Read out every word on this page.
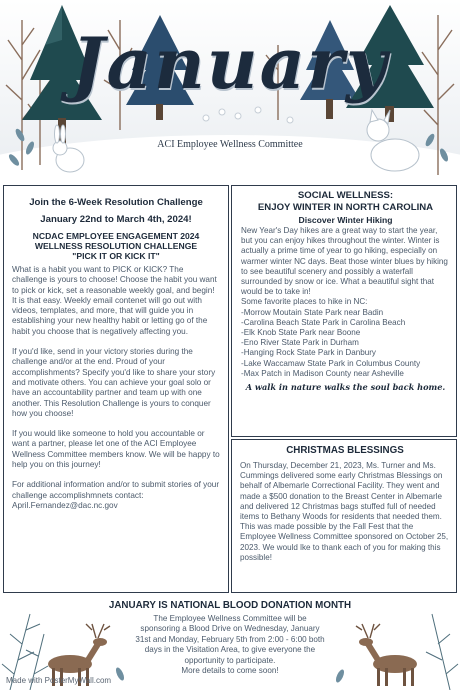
January
ACI Employee Wellness Committee
Join the 6-Week Resolution Challenge
January 22nd to March 4th, 2024!
NCDAC EMPLOYEE ENGAGEMENT 2024
WELLNESS RESOLUTION CHALLENGE
"PICK IT OR KICK IT"

What is a habit you want to PICK or KICK? The challenge is yours to choose! Choose the habit you want to pick or kick, set a reasonable weekly goal, and begin! It is that easy. Weekly email contenet will go out with videos, templates, and more, that will guide you in establishing your new healthy habit or letting go of the habit you choose that is negatively affecting you.

If you'd like, send in your victory stories during the challenge and/or at the end. Proud of your accomplishments? Specify you'd like to share your story and motivate others. You can achieve your goal solo or have an accountability partner and team up with one another. This Resolution Challenge is yours to conquer how you choose!

If you would like someone to hold you accountable or want a partner, please let one of the ACI Employee Wellness Committee members know. We will be happy to help you on this journey!

For additional information and/or to submit stories of your challenge accomplishmnets contact: April.Fernandez@dac.nc.gov

SOCIAL WELLNESS:
ENJOY WINTER IN NORTH CAROLINA
Discover Winter Hiking

New Year's Day hikes are a great way to start the year, but you can enjoy hikes throughout the winter. Winter is actually a prime time of year to go hiking, especially on warmer winter NC days. Beat those winter blues by hiking to see beautiful scenery and possibly a waterfall surrounded by snow or ice. What a beautiful sight that would be to take in!

Some favorite places to hike in NC:
-Morrow Moutain State Park near Badin
-Carolina Beach State Park in Carolina Beach
-Elk Knob State Park near Boone
-Eno River State Park in Durham
-Hanging Rock State Park in Danbury
-Lake Waccamaw State Park in Columbus County
-Max Patch in Madison County near Asheville
A walk in nature walks the soul back home.
CHRISTMAS BLESSINGS

On Thursday, December 21, 2023, Ms. Turner and Ms. Cummings delivered some early Christmas Blessings on behalf of Albemarle Correctional Facility. They went and made a $500 donation to the Breast Center in Albemarle and delivered 12 Christmas bags stuffed full of needed items to Bethany Woods for residents that needed them. This was made possible by the Fall Fest that the Employee Wellness Committee sponsored on October 25, 2023. We would lke to thank each of you for making this possible!

JANUARY IS NATIONAL BLOOD DONATION MONTH
The Employee Wellness Committee will be
sponsoring a Blood Drive on Wednesday, January
31st and Monday, February 5th from 2:00 - 6:00 both
days in the Visitation Area, to give everyone the
opportunity to participate.
More details to come soon!
Made with PosterMyWall.com
